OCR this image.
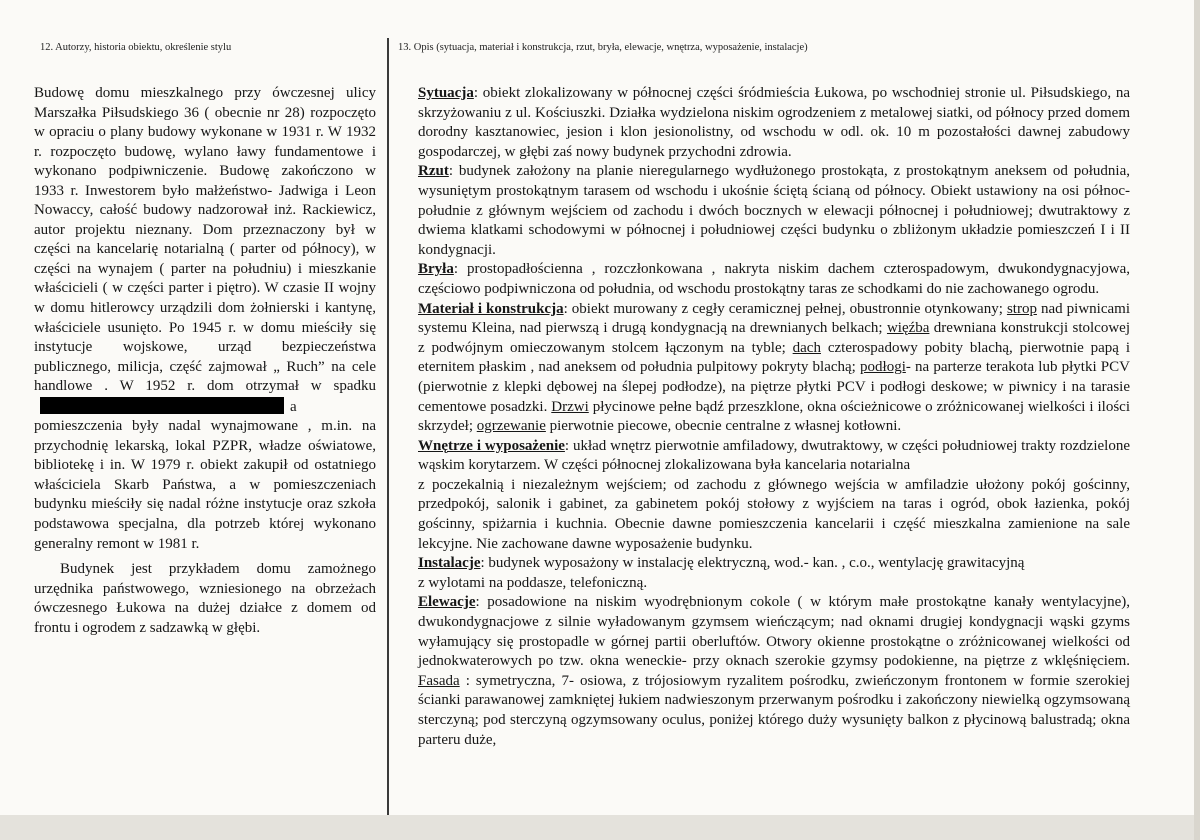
12. Autorzy, historia obiektu, określenie stylu	13. Opis (sytuacja, materiał i konstrukcja, rzut, bryła, elewacje, wnętrza, wyposażenie, instalacje)

Budowę domu mieszkalnego przy ówczesnej ulicy Marszałka Piłsudskiego 36 ( obecnie nr 28) rozpoczęto w opraciu o plany budowy wykonane w 1931 r. W 1932 r. rozpoczęto budowę, wylano ławy fundamentowe i wykonano podpiwniczenie. Budowę zakończono w 1933 r. Inwestorem było małżeństwo- Jadwiga i Leon Nowaccy, całość budowy nadzorował inż. Rackiewicz, autor projektu nieznany. Dom przeznaczony był w części na kancelarię notarialną ( parter od północy), w części na wynajem ( parter na południu) i mieszkanie właścicieli ( w części parter i piętro). W czasie II wojny w domu hitlerowcy urządzili dom żołnierski i kantynę, właściciele usunięto. Po 1945 r. w domu mieściły się instytucje wojskowe, urząd bezpieczeństwa publicznego, milicja, część zajmował „ Ruch” na cele handlowe . W 1952 r. dom otrzymał w spadkua pomieszczenia były nadal wynajmowane , m.in. na przychodnię lekarską, lokal PZPR, władze oświatowe, bibliotekę i in. W 1979 r. obiekt zakupił od ostatniego właściciela Skarb Państwa, a w pomieszczeniach budynku mieściły się nadal różne instytucje oraz szkoła podstawowa specjalna, dla potrzeb której wykonano generalny remont w 1981 r.

Budynek jest przykładem domu zamożnego urzędnika państwowego, wzniesionego na obrzeżach ówczesnego Łukowa na dużej działce z domem od frontu i ogrodem z sadzawką w głębi.

Sytuacja: obiekt zlokalizowany w północnej części śródmieścia Łukowa, po wschodniej stronie ul. Piłsudskiego, na skrzyżowaniu z ul. Kościuszki. Działka wydzielona niskim ogrodzeniem z metalowej siatki, od północy przed domem dorodny kasztanowiec, jesion i klon jesionolistny, od wschodu w odl. ok. 10 m pozostałości dawnej zabudowy gospodarczej, w głębi zaś nowy budynek przychodni zdrowia.

Rzut: budynek założony na planie nieregularnego wydłużonego prostokąta, z prostokątnym aneksem od południa, wysuniętym prostokątnym tarasem od wschodu i ukośnie ściętą ścianą od północy. Obiekt ustawiony na osi północ- południe z głównym wejściem od zachodu i dwóch bocznych w elewacji północnej i południowej; dwutraktowy z dwiema klatkami schodowymi w północnej i południowej części budynku o zbliżonym układzie pomieszczeń I i II kondygnacji.

Bryła: prostopadłościenna , rozczłonkowana , nakryta niskim dachem czterospadowym, dwukondygnacyjowa, częściowo podpiwniczona od południa, od wschodu prostokątny taras ze schodkami do nie zachowanego ogrodu.

Materiał i konstrukcja: obiekt murowany z cegły ceramicznej pełnej, obustronnie otynkowany; strop nad piwnicami systemu Kleina, nad pierwszą i drugą kondygnacją na drewnianych belkach; więźba drewniana konstrukcji stolcowej z podwójnym omieczowanym stolcem łączonym na tyble; dach czterospadowy pobity blachą, pierwotnie papą i eternitem płaskim , nad aneksem od południa pulpitowy pokryty blachą; podłogi- na parterze terakota lub płytki PCV (pierwotnie z klepki dębowej na ślepej podłodze), na piętrze płytki PCV i podłogi deskowe; w piwnicy i na tarasie cementowe posadzki. Drzwi płycinowe pełne bądź przeszklone, okna ościeżnicowe o zróżnicowanej wielkości i ilości skrzydeł; ogrzewanie pierwotnie piecowe, obecnie centralne z własnej kotłowni.

Wnętrze i wyposażenie: układ wnętrz pierwotnie amfiladowy, dwutraktowy, w części południowej trakty rozdzielone wąskim korytarzem. W części północnej zlokalizowana była kancelaria notarialna

z poczekalnią i niezależnym wejściem; od zachodu z głównego wejścia w amfiladzie ułożony pokój gościnny, przedpokój, salonik i gabinet, za gabinetem pokój stołowy z wyjściem na taras i ogród, obok łazienka, pokój gościnny, spiżarnia i kuchnia. Obecnie dawne pomieszczenia kancelarii i część mieszkalna zamienione na sale lekcyjne. Nie zachowane dawne wyposażenie budynku.

Instalacje: budynek wyposażony w instalację elektryczną, wod.- kan. , c.o., wentylację grawitacyjną

z wylotami na poddasze, telefoniczną.

Elewacje: posadowione na niskim wyodrębnionym cokole ( w którym małe prostokątne kanały wentylacyjne), dwukondygnacjowe z silnie wyładowanym gzymsem wieńczącym; nad oknami drugiej kondygnacji wąski gzyms wyłamujący się prostopadle w górnej partii oberluftów. Otwory okienne prostokątne o zróżnicowanej wielkości od jednokwaterowych po tzw. okna weneckie- przy oknach szerokie gzymsy podokienne, na piętrze z wklęśnięciem. Fasada : symetryczna, 7- osiowa, z trójosiowym ryzalitem pośrodku, zwieńczonym frontonem w formie szerokiej ścianki parawanowej zamkniętej łukiem nadwieszonym przerwanym pośrodku i zakończony niewielką ogzymsowaną sterczyną; pod sterczyną ogzymsowany oculus, poniżej którego duży wysunięty balkon z płycinową balustradą; okna parteru duże,
